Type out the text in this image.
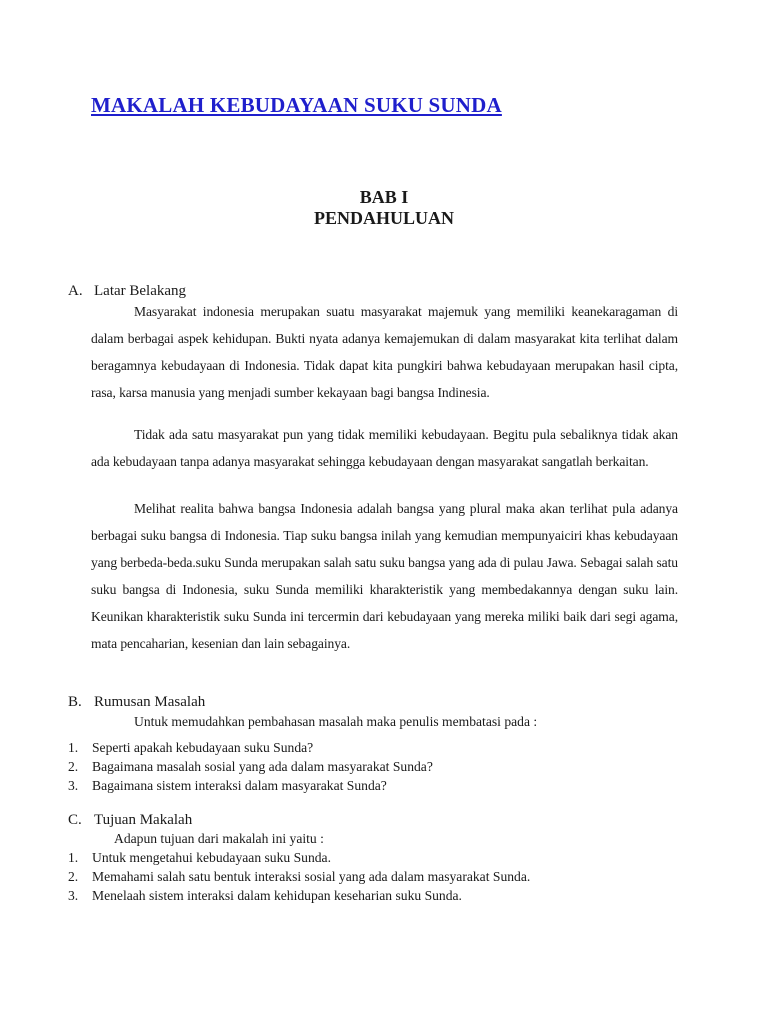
MAKALAH KEBUDAYAAN SUKU SUNDA

BAB I

PENDAHULUAN

A. Latar Belakang

Masyarakat indonesia merupakan suatu masyarakat majemuk yang memiliki keanekaragaman di dalam berbagai aspek kehidupan. Bukti nyata adanya kemajemukan di dalam masyarakat kita terlihat dalam beragamnya kebudayaan di Indonesia. Tidak dapat kita pungkiri bahwa kebudayaan merupakan hasil cipta, rasa, karsa manusia yang menjadi sumber kekayaan bagi bangsa Indinesia.

Tidak ada satu masyarakat pun yang tidak memiliki kebudayaan. Begitu pula sebaliknya tidak akan ada kebudayaan tanpa adanya masyarakat sehingga kebudayaan dengan masyarakat sangatlah berkaitan.

Melihat realita bahwa bangsa Indonesia adalah bangsa yang plural maka akan terlihat pula adanya berbagai suku bangsa di Indonesia. Tiap suku bangsa inilah yang kemudian mempunyaiciri khas kebudayaan yang berbeda-beda.suku Sunda merupakan salah satu suku bangsa yang ada di pulau Jawa. Sebagai salah satu suku bangsa di Indonesia, suku Sunda memiliki kharakteristik yang membedakannya dengan suku lain. Keunikan kharakteristik suku Sunda ini tercermin dari kebudayaan yang mereka miliki baik dari segi agama, mata pencaharian, kesenian dan lain sebagainya.

B. Rumusan Masalah

Untuk memudahkan pembahasan masalah maka penulis membatasi pada :

1. Seperti apakah kebudayaan suku Sunda?
2. Bagaimana masalah sosial yang ada dalam masyarakat Sunda?
3. Bagaimana sistem interaksi dalam masyarakat Sunda?

C. Tujuan Makalah

Adapun tujuan dari makalah ini yaitu :

1. Untuk mengetahui kebudayaan suku Sunda.
2. Memahami salah satu bentuk interaksi sosial yang ada dalam masyarakat Sunda.
3. Menelaah sistem interaksi dalam kehidupan keseharian suku Sunda.
